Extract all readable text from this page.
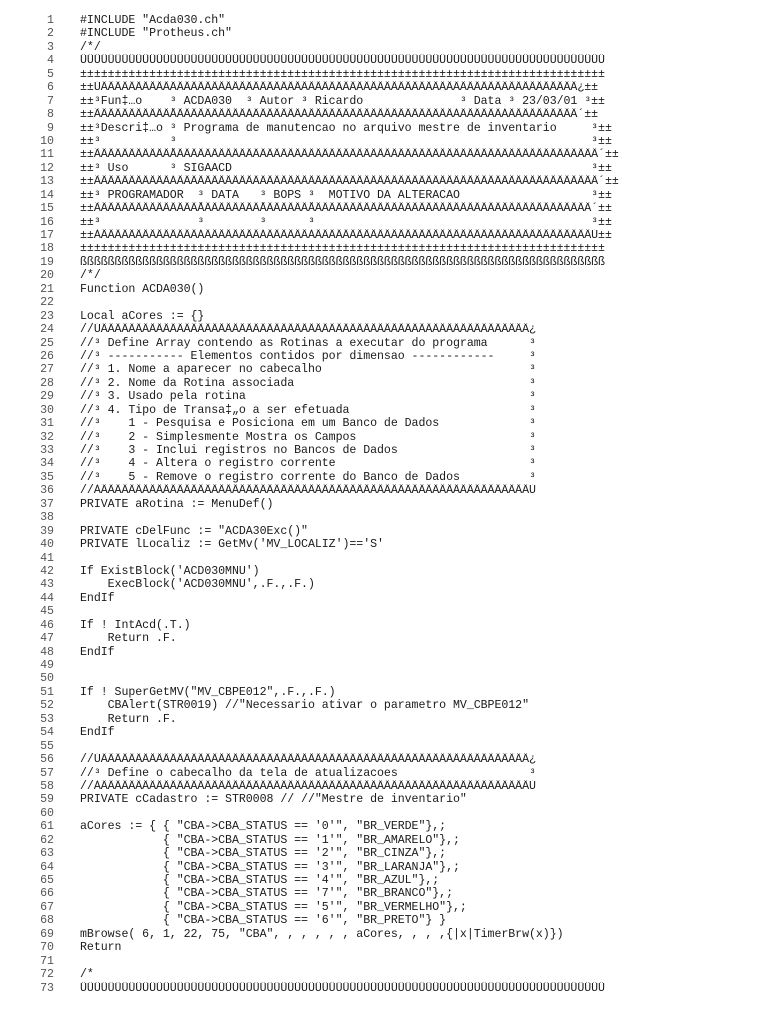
1 #INCLUDE "Acda030.ch"
2 #INCLUDE "Protheus.ch"
3 /*/
4 ÜÜÜÜÜÜÜÜÜÜÜÜÜÜÜÜÜÜÜÜÜÜÜÜÜÜÜÜÜÜÜÜÜÜÜÜÜÜÜÜÜÜÜÜÜÜÜÜÜÜÜÜÜÜÜÜÜÜÜÜÜÜÜÜÜÜÜÜÜÜÜÜÜÜÜÜ
5 ±±±±±±±±±±±±±±±±±±±±±±±±±±±±±±±±±±±±±±±±±±±±±±±±±±±±±±±±±±±±±±±±±±±±±±±±±±±±
6 ±±ÚÄÄÄÄÄÄÄÄÄÄÂÄÄÄÄÄÄÄÄÄÄÂÄÄÄÄÄÄÄÂÄÄÄÄÄÄÄÄÄÄÄÄÄÄÄÄÄÄÄÄÄÂÄÄÄÄÄÄÂÄÄÄÄÄÄÄÄÄÄ¿±±
7 ±±³Fun‡…o    ³ ACDA030  ³ Autor ³ Ricardo              ³ Data ³ 23/03/01 ³±±
8 ±±ÃÄÄÄÄÄÄÄÄÄÄÅÄÄÄÄÄÄÄÄÄÄÁÄÄÄÄÄÄÄÁÄÄÄÄÄÄÄÄÄÄÄÄÄÄÄÄÄÄÄÄÄÁÄÄÄÄÄÄÁÄÄÄÄÄÄÄÄÄÄ´±±
9 ±±³Descri‡…o ³ Programa de manutencao no arquivo mestre de inventario     ³±±
10 ±±³          ³                                                            ³±±
11 ±±ÃÄÄÄÄÄÄÄÄÄÄÅÄÄÄÄÄÄÄÄÄÄÄÄÄÄÄÄÄÄÄÄÄÄÄÄÄÄÄÄÄÄÄÄÄÄÄÄÄÄÄÄÄÄÄÄÄÄÄÄÄÄÄÄÄÄÄÄÄÄÄÄÄ´±±
12 ±±³ Uso      ³ SIGAACD                                                    ³±±
13 ±±ÃÄÄÄÄÄÄÄÄÄÄÁÄÄÄÄÄÄÄÄÄÄÄÄÄÄÄÄÄÄÄÄÄÄÄÄÄÄÄÄÄÄÄÄÄÄÄÄÄÄÄÄÄÄÄÄÄÄÄÄÄÄÄÄÄÄÄÄÄÄÄÄÄ´±±
14 ±±³ PROGRAMADOR  ³ DATA   ³ BOPS ³  MOTIVO DA ALTERACAO                   ³±±
15 ±±ÃÄÄÄÄÄÄÄÄÄÄÄÄÄÄÅÄÄÄÄÄÄÄÄÅÄÄÄÄÄÄÅÄÄÄÄÄÄÄÄÄÄÄÄÄÄÄÄÄÄÄÄÄÄÄÄÄÄÄÄÄÄÄÄÄÄÄÄÄÄÄÄ´±±
16 ±±³              ³        ³      ³                                        ³±±
17 ±±ÀÄÄÄÄÄÄÄÄÄÄÄÄÄÄÁÄÄÄÄÄÄÄÄÁÄÄÄÄÄÄÁÄÄÄÄÄÄÄÄÄÄÄÄÄÄÄÄÄÄÄÄÄÄÄÄÄÄÄÄÄÄÄÄÄÄÄÄÄÄÄÄÙ±±
18 ±±±±±±±±±±±±±±±±±±±±±±±±±±±±±±±±±±±±±±±±±±±±±±±±±±±±±±±±±±±±±±±±±±±±±±±±±±±±
19 ßßßßßßßßßßßßßßßßßßßßßßßßßßßßßßßßßßßßßßßßßßßßßßßßßßßßßßßßßßßßßßßßßßßßßßßßßßßß
20 /*/
21 Function ACDA030()
22
23 Local aCores := {}
24 //ÚÄÄÄÄÄÄÄÄÄÄÄÄÄÄÄÄÄÄÄÄÄÄÄÄÄÄÄÄÄÄÄÄÄÄÄÄÄÄÄÄÄÄÄÄÄÄÄÄÄÄÄÄÄÄÄÄÄÄÄÄÄÄ¿
25 //³ Define Array contendo as Rotinas a executar do programa      ³
26 //³ ----------- Elementos contidos por dimensao ------------     ³
27 //³ 1. Nome a aparecer no cabecalho                              ³
28 //³ 2. Nome da Rotina associada                                  ³
29 //³ 3. Usado pela rotina                                         ³
30 //³ 4. Tipo de Transa‡„o a ser efetuada                          ³
31 //³    1 - Pesquisa e Posiciona em um Banco de Dados             ³
32 //³    2 - Simplesmente Mostra os Campos                         ³
33 //³    3 - Inclui registros no Bancos de Dados                   ³
34 //³    4 - Altera o registro corrente                            ³
35 //³    5 - Remove o registro corrente do Banco de Dados          ³
36 //ÀÄÄÄÄÄÄÄÄÄÄÄÄÄÄÄÄÄÄÄÄÄÄÄÄÄÄÄÄÄÄÄÄÄÄÄÄÄÄÄÄÄÄÄÄÄÄÄÄÄÄÄÄÄÄÄÄÄÄÄÄÄÄÙ
37 PRIVATE aRotina := MenuDef()
38
39 PRIVATE cDelFunc := "ACDA30Exc()"
40 PRIVATE lLocaliz := GetMv('MV_LOCALIZ')=='S'
41
42 If ExistBlock('ACD030MNU')
43 ExecBlock('ACD030MNU',.F.,.F.)
44 EndIf
45
46 If ! IntAcd(.T.)
47 Return .F.
48 EndIf
49
50
51 If ! SuperGetMV("MV_CBPE012",.F.,.F.)
52 CBAlert(STR0019) //"Necessario ativar o parametro MV_CBPE012"
53 Return .F.
54 EndIf
55
56 //ÚÄÄÄÄÄÄÄÄÄÄÄÄÄÄÄÄÄÄÄÄÄÄÄÄÄÄÄÄÄÄÄÄÄÄÄÄÄÄÄÄÄÄÄÄÄÄÄÄÄÄÄÄÄÄÄÄÄÄÄÄÄÄ¿
57 //³ Define o cabecalho da tela de atualizacoes                   ³
58 //ÀÄÄÄÄÄÄÄÄÄÄÄÄÄÄÄÄÄÄÄÄÄÄÄÄÄÄÄÄÄÄÄÄÄÄÄÄÄÄÄÄÄÄÄÄÄÄÄÄÄÄÄÄÄÄÄÄÄÄÄÄÄÄÙ
59 PRIVATE cCadastro := STR0008 // //"Mestre de inventario"
60
61 aCores := { { "CBA->CBA_STATUS == '0'", "BR_VERDE"},;
62 { "CBA->CBA_STATUS == '1'", "BR_AMARELO"},;
63 { "CBA->CBA_STATUS == '2'", "BR_CINZA"},;
64 { "CBA->CBA_STATUS == '3'", "BR_LARANJA"},;
65 { "CBA->CBA_STATUS == '4'", "BR_AZUL"},;
66 { "CBA->CBA_STATUS == '7'", "BR_BRANCO"},;
67 { "CBA->CBA_STATUS == '5'", "BR_VERMELHO"},;
68 { "CBA->CBA_STATUS == '6'", "BR_PRETO"} }
69 mBrowse( 6, 1, 22, 75, "CBA", , , , , , aCores, , , ,{|x|TimerBrw(x)})
70 Return
71
72 /*
73 ÜÜÜÜÜÜÜÜÜÜÜÜÜÜÜÜÜÜÜÜÜÜÜÜÜÜÜÜÜÜÜÜÜÜÜÜÜÜÜÜÜÜÜÜÜÜÜÜÜÜÜÜÜÜÜÜÜÜÜÜÜÜÜÜÜÜÜÜÜÜÜÜÜÜÜÜ
